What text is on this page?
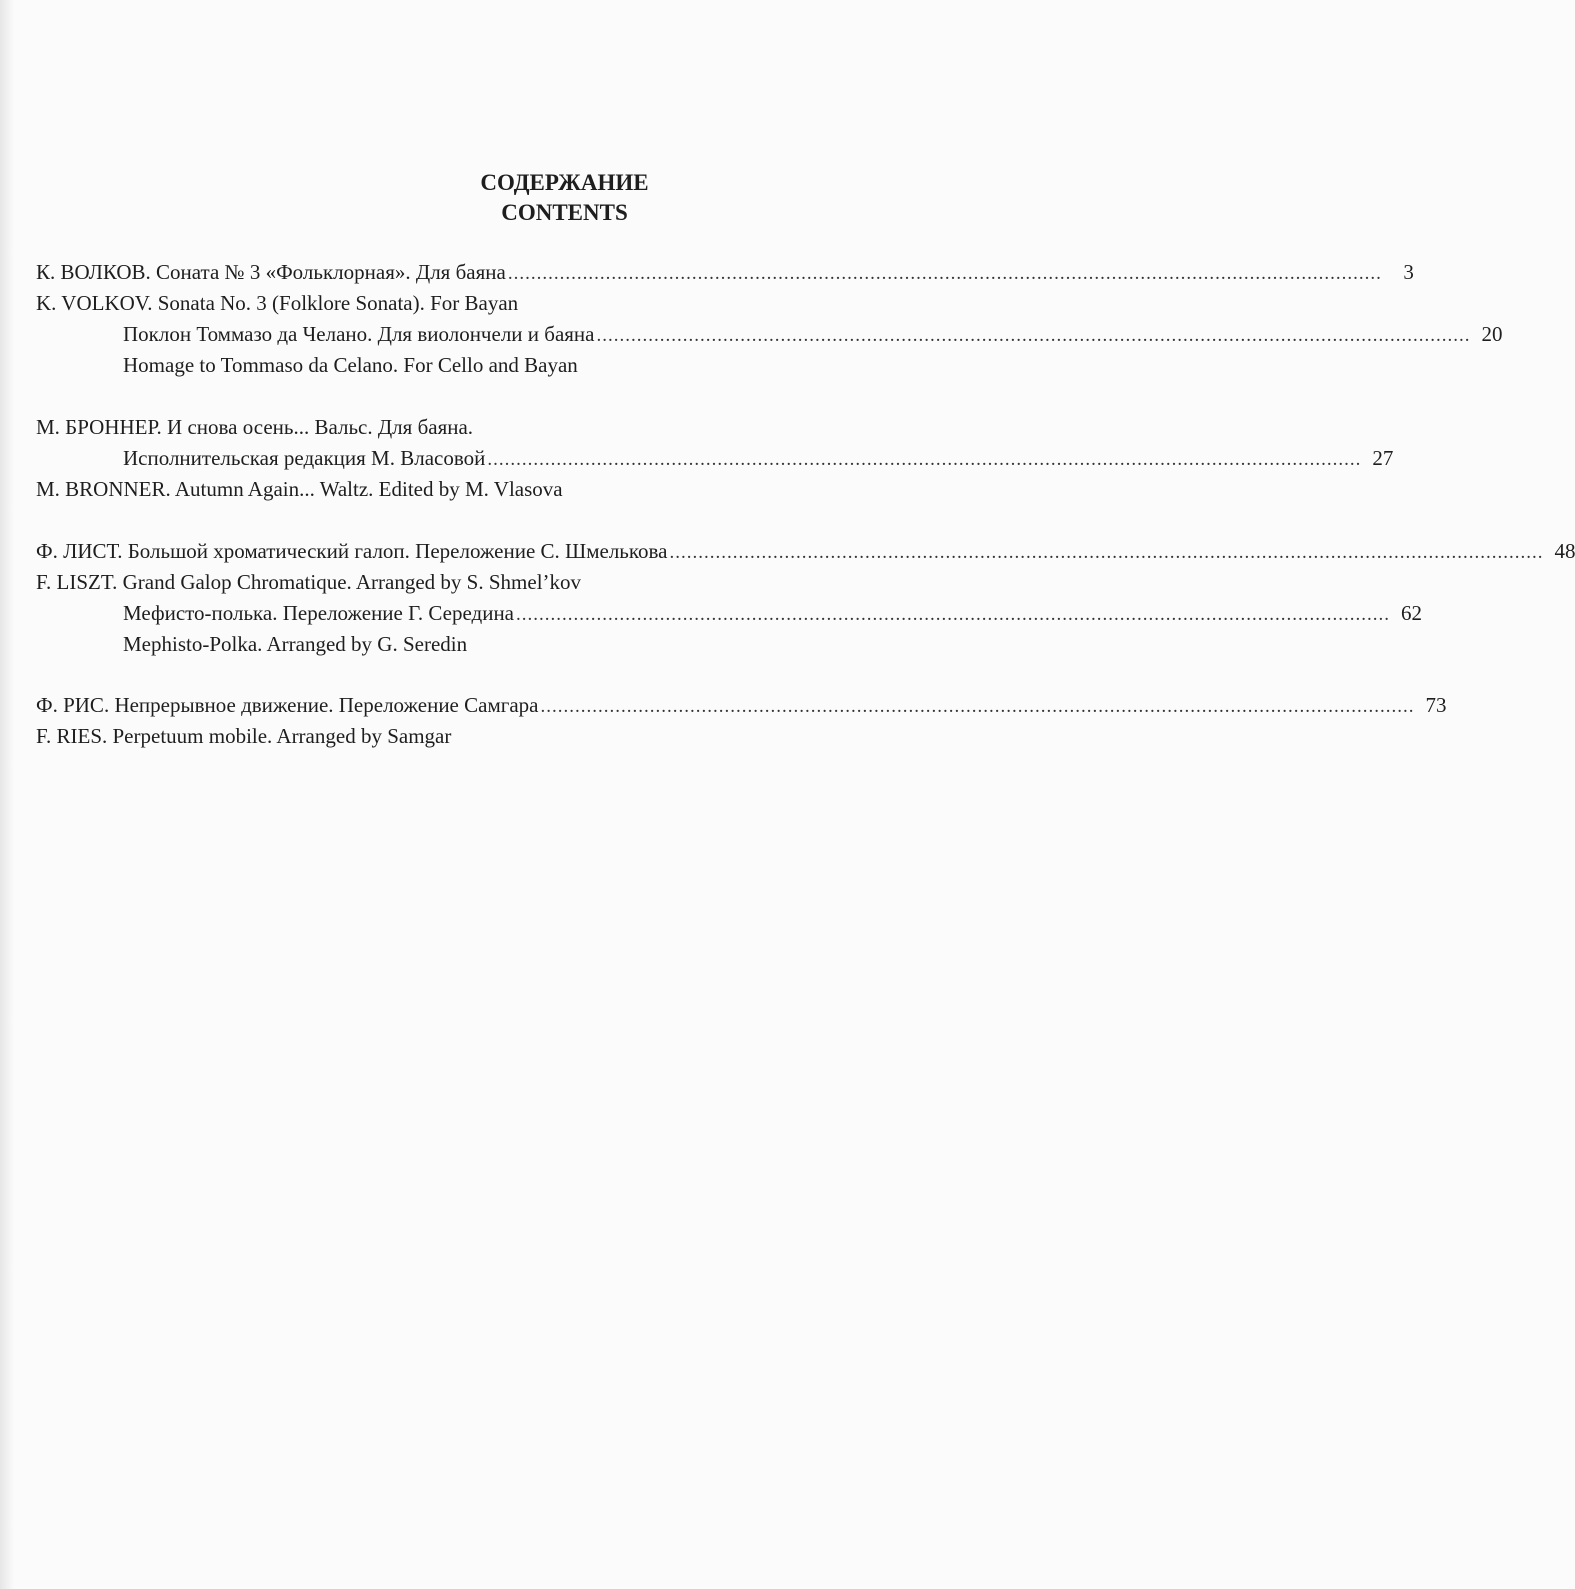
СОДЕРЖАНИЕ
CONTENTS
К. ВОЛКОВ. Соната № 3 «Фольклорная». Для баяна ........................................................................................................................................................	3
K. VOLKOV. Sonata No. 3 (Folklore Sonata). For Bayan
Поклон Томмазо да Челано. Для виолончели и баяна ........................................................................................................................................................ 20
Homage to Tommaso da Celano. For Cello and Bayan
М. БРОННЕР. И снова осень... Вальс. Для баяна.
Исполнительская редакция М. Власовой ........................................................................................................................................................ 27
M. BRONNER. Autumn Again... Waltz. Edited by M. Vlasova
Ф. ЛИСТ. Большой хроматический галоп. Переложение С. Шмелькова ........................................................................................................................................................ 48
F. LISZT. Grand Galop Chromatique. Arranged by S. Shmel’kov
Мефисто-полька. Переложение Г. Середина ........................................................................................................................................................ 62
Mephisto-Polka. Arranged by G. Seredin
Ф. РИС. Непрерывное движение. Переложение Самгара ........................................................................................................................................................ 73
F. RIES. Perpetuum mobile. Arranged by Samgar
